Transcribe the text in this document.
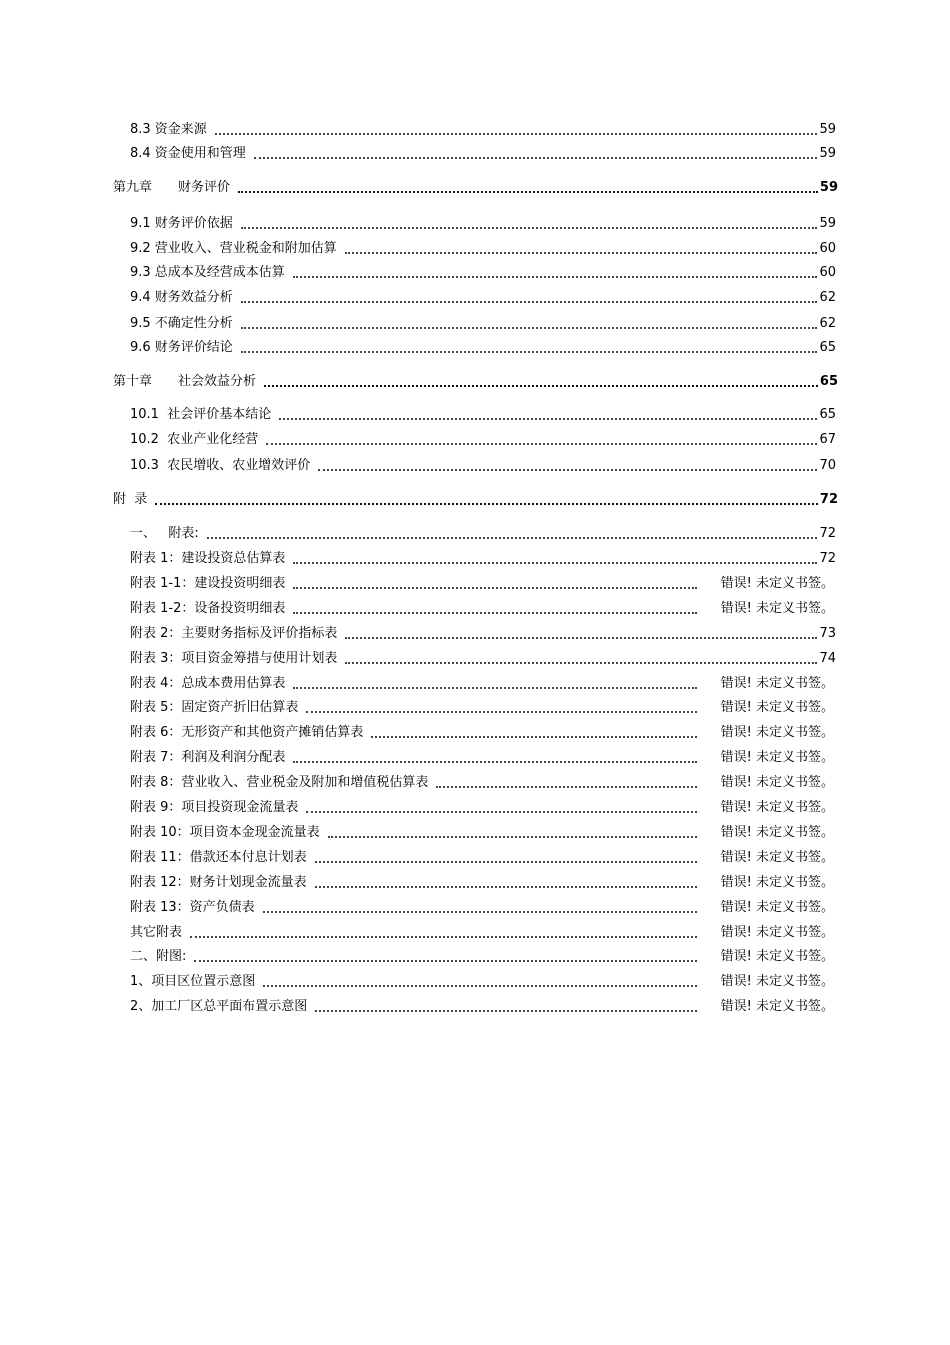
8.3 资金来源	59
8.4 资金使用和管理	59
第九章　　财务评价	59
9.1 财务评价依据	59
9.2 营业收入、营业税金和附加估算	60
9.3 总成本及经营成本估算	60
9.4 财务效益分析	62
9.5 不确定性分析	62
9.6 财务评价结论	65
第十章　　社会效益分析	65
10.1  社会评价基本结论	65
10.2  农业产业化经营	67
10.3  农民增收、农业增效评价	70
附  录	72
一、   附表:	72
附表 1：建设投资总估算表	72
附表 1-1：建设投资明细表	错误! 未定义书签。
附表 1-2：设备投资明细表	错误! 未定义书签。
附表 2：主要财务指标及评价指标表	73
附表 3：项目资金筹措与使用计划表	74
附表 4：总成本费用估算表	错误! 未定义书签。
附表 5：固定资产折旧估算表	错误! 未定义书签。
附表 6：无形资产和其他资产摊销估算表	错误! 未定义书签。
附表 7：利润及利润分配表	错误! 未定义书签。
附表 8：营业收入、营业税金及附加和增值税估算表	错误! 未定义书签。
附表 9：项目投资现金流量表	错误! 未定义书签。
附表 10：项目资本金现金流量表	错误! 未定义书签。
附表 11：借款还本付息计划表	错误! 未定义书签。
附表 12：财务计划现金流量表	错误! 未定义书签。
附表 13：资产负债表	错误! 未定义书签。
其它附表	错误! 未定义书签。
二、附图:	错误! 未定义书签。
1、项目区位置示意图	错误! 未定义书签。
2、加工厂区总平面布置示意图	错误! 未定义书签。
